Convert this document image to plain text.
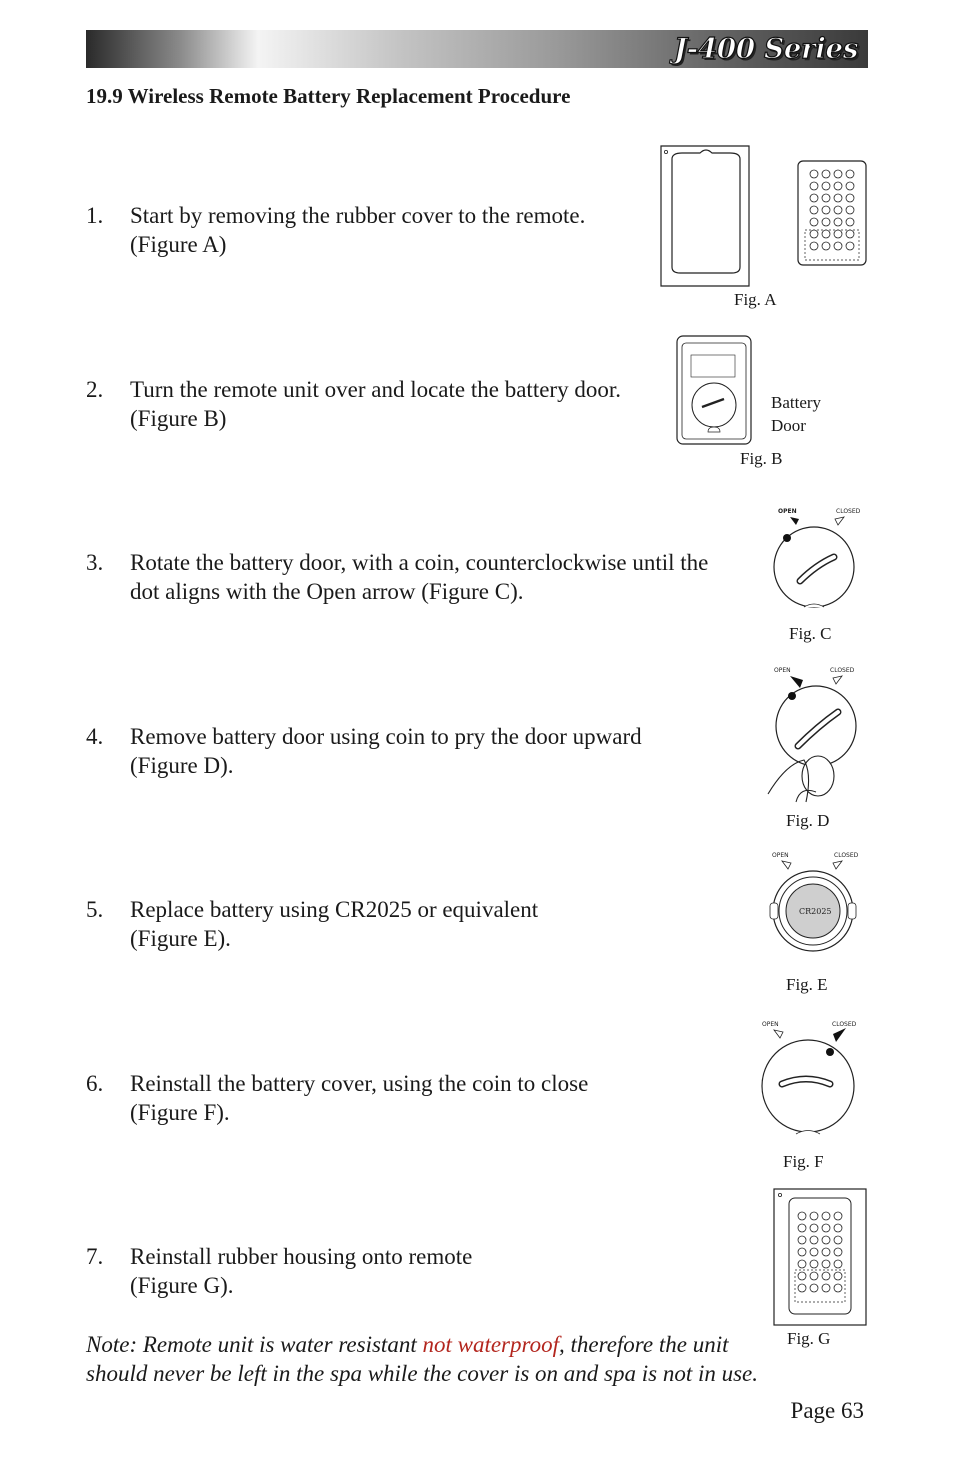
J-400 Series
19.9 Wireless Remote Battery Replacement Procedure
1. Start by removing the rubber cover to the remote.
(Figure A)
2. Turn the remote unit over and locate the battery door.
(Figure B)
3. Rotate the battery door, with a coin, counterclockwise until the
dot aligns with the Open arrow (Figure C).
4. Remove battery door using coin to pry the door upward
(Figure D).
5. Replace battery using CR2025 or equivalent
(Figure E).
6. Reinstall the battery cover, using the coin to close
(Figure F).
7. Reinstall rubber housing onto remote
(Figure G).
Fig. A
Battery
Door
Fig. B
OPEN	CLOSED
Fig. C
OPEN	CLOSED
Fig. D
OPEN	CLOSED
CR2025
Fig. E
OPEN	CLOSED
Fig. F
Fig. G
Note: Remote unit is water resistant not waterproof, therefore the unit should never be left in the spa while the cover is on and spa is not in use.
Page 63
